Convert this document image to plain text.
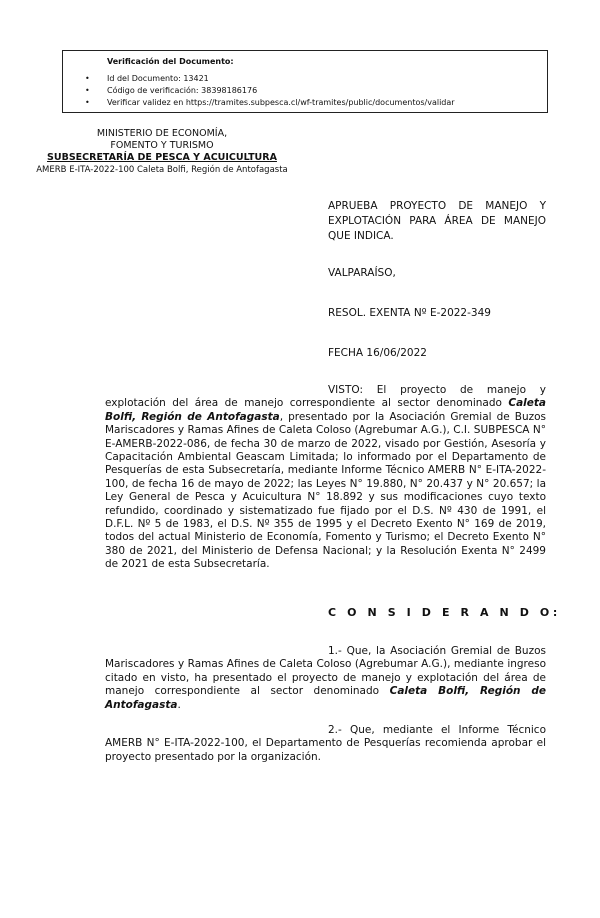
Verificación del Documento:
• Id del Documento: 13421
• Código de verificación: 38398186176
• Verificar validez en https://tramites.subpesca.cl/wf-tramites/public/documentos/validar
MINISTERIO DE ECONOMÍA,
FOMENTO Y TURISMO
SUBSECRETARÍA DE PESCA Y ACUICULTURA
AMERB E-ITA-2022-100 Caleta Bolfi, Región de Antofagasta
APRUEBA PROYECTO DE MANEJO Y EXPLOTACIÓN PARA ÁREA DE MANEJO QUE INDICA.
VALPARAÍSO,
RESOL. EXENTA Nº E-2022-349
FECHA 16/06/2022
VISTO: El proyecto de manejo y explotación del área de manejo correspondiente al sector denominado Caleta Bolfi, Región de Antofagasta, presentado por la Asociación Gremial de Buzos Mariscadores y Ramas Afines de Caleta Coloso (Agrebumar A.G.), C.I. SUBPESCA N° E-AMERB-2022-086, de fecha 30 de marzo de 2022, visado por Gestión, Asesoría y Capacitación Ambiental Geascam Limitada; lo informado por el Departamento de Pesquerías de esta Subsecretaría, mediante Informe Técnico AMERB N° E-ITA-2022-100, de fecha 16 de mayo de 2022; las Leyes N° 19.880, N° 20.437 y N° 20.657; la Ley General de Pesca y Acuicultura N° 18.892 y sus modificaciones cuyo texto refundido, coordinado y sistematizado fue fijado por el D.S. Nº 430 de 1991, el D.F.L. Nº 5 de 1983, el D.S. Nº 355 de 1995 y el Decreto Exento N° 169 de 2019, todos del actual Ministerio de Economía, Fomento y Turismo; el Decreto Exento N° 380 de 2021, del Ministerio de Defensa Nacional; y la Resolución Exenta N° 2499 de 2021 de esta Subsecretaría.
C O N S I D E R A N D O:
1.- Que, la Asociación Gremial de Buzos Mariscadores y Ramas Afines de Caleta Coloso (Agrebumar A.G.), mediante ingreso citado en visto, ha presentado el proyecto de manejo y explotación del área de manejo correspondiente al sector denominado Caleta Bolfi, Región de Antofagasta.
2.- Que, mediante el Informe Técnico AMERB N° E-ITA-2022-100, el Departamento de Pesquerías recomienda aprobar el proyecto presentado por la organización.
